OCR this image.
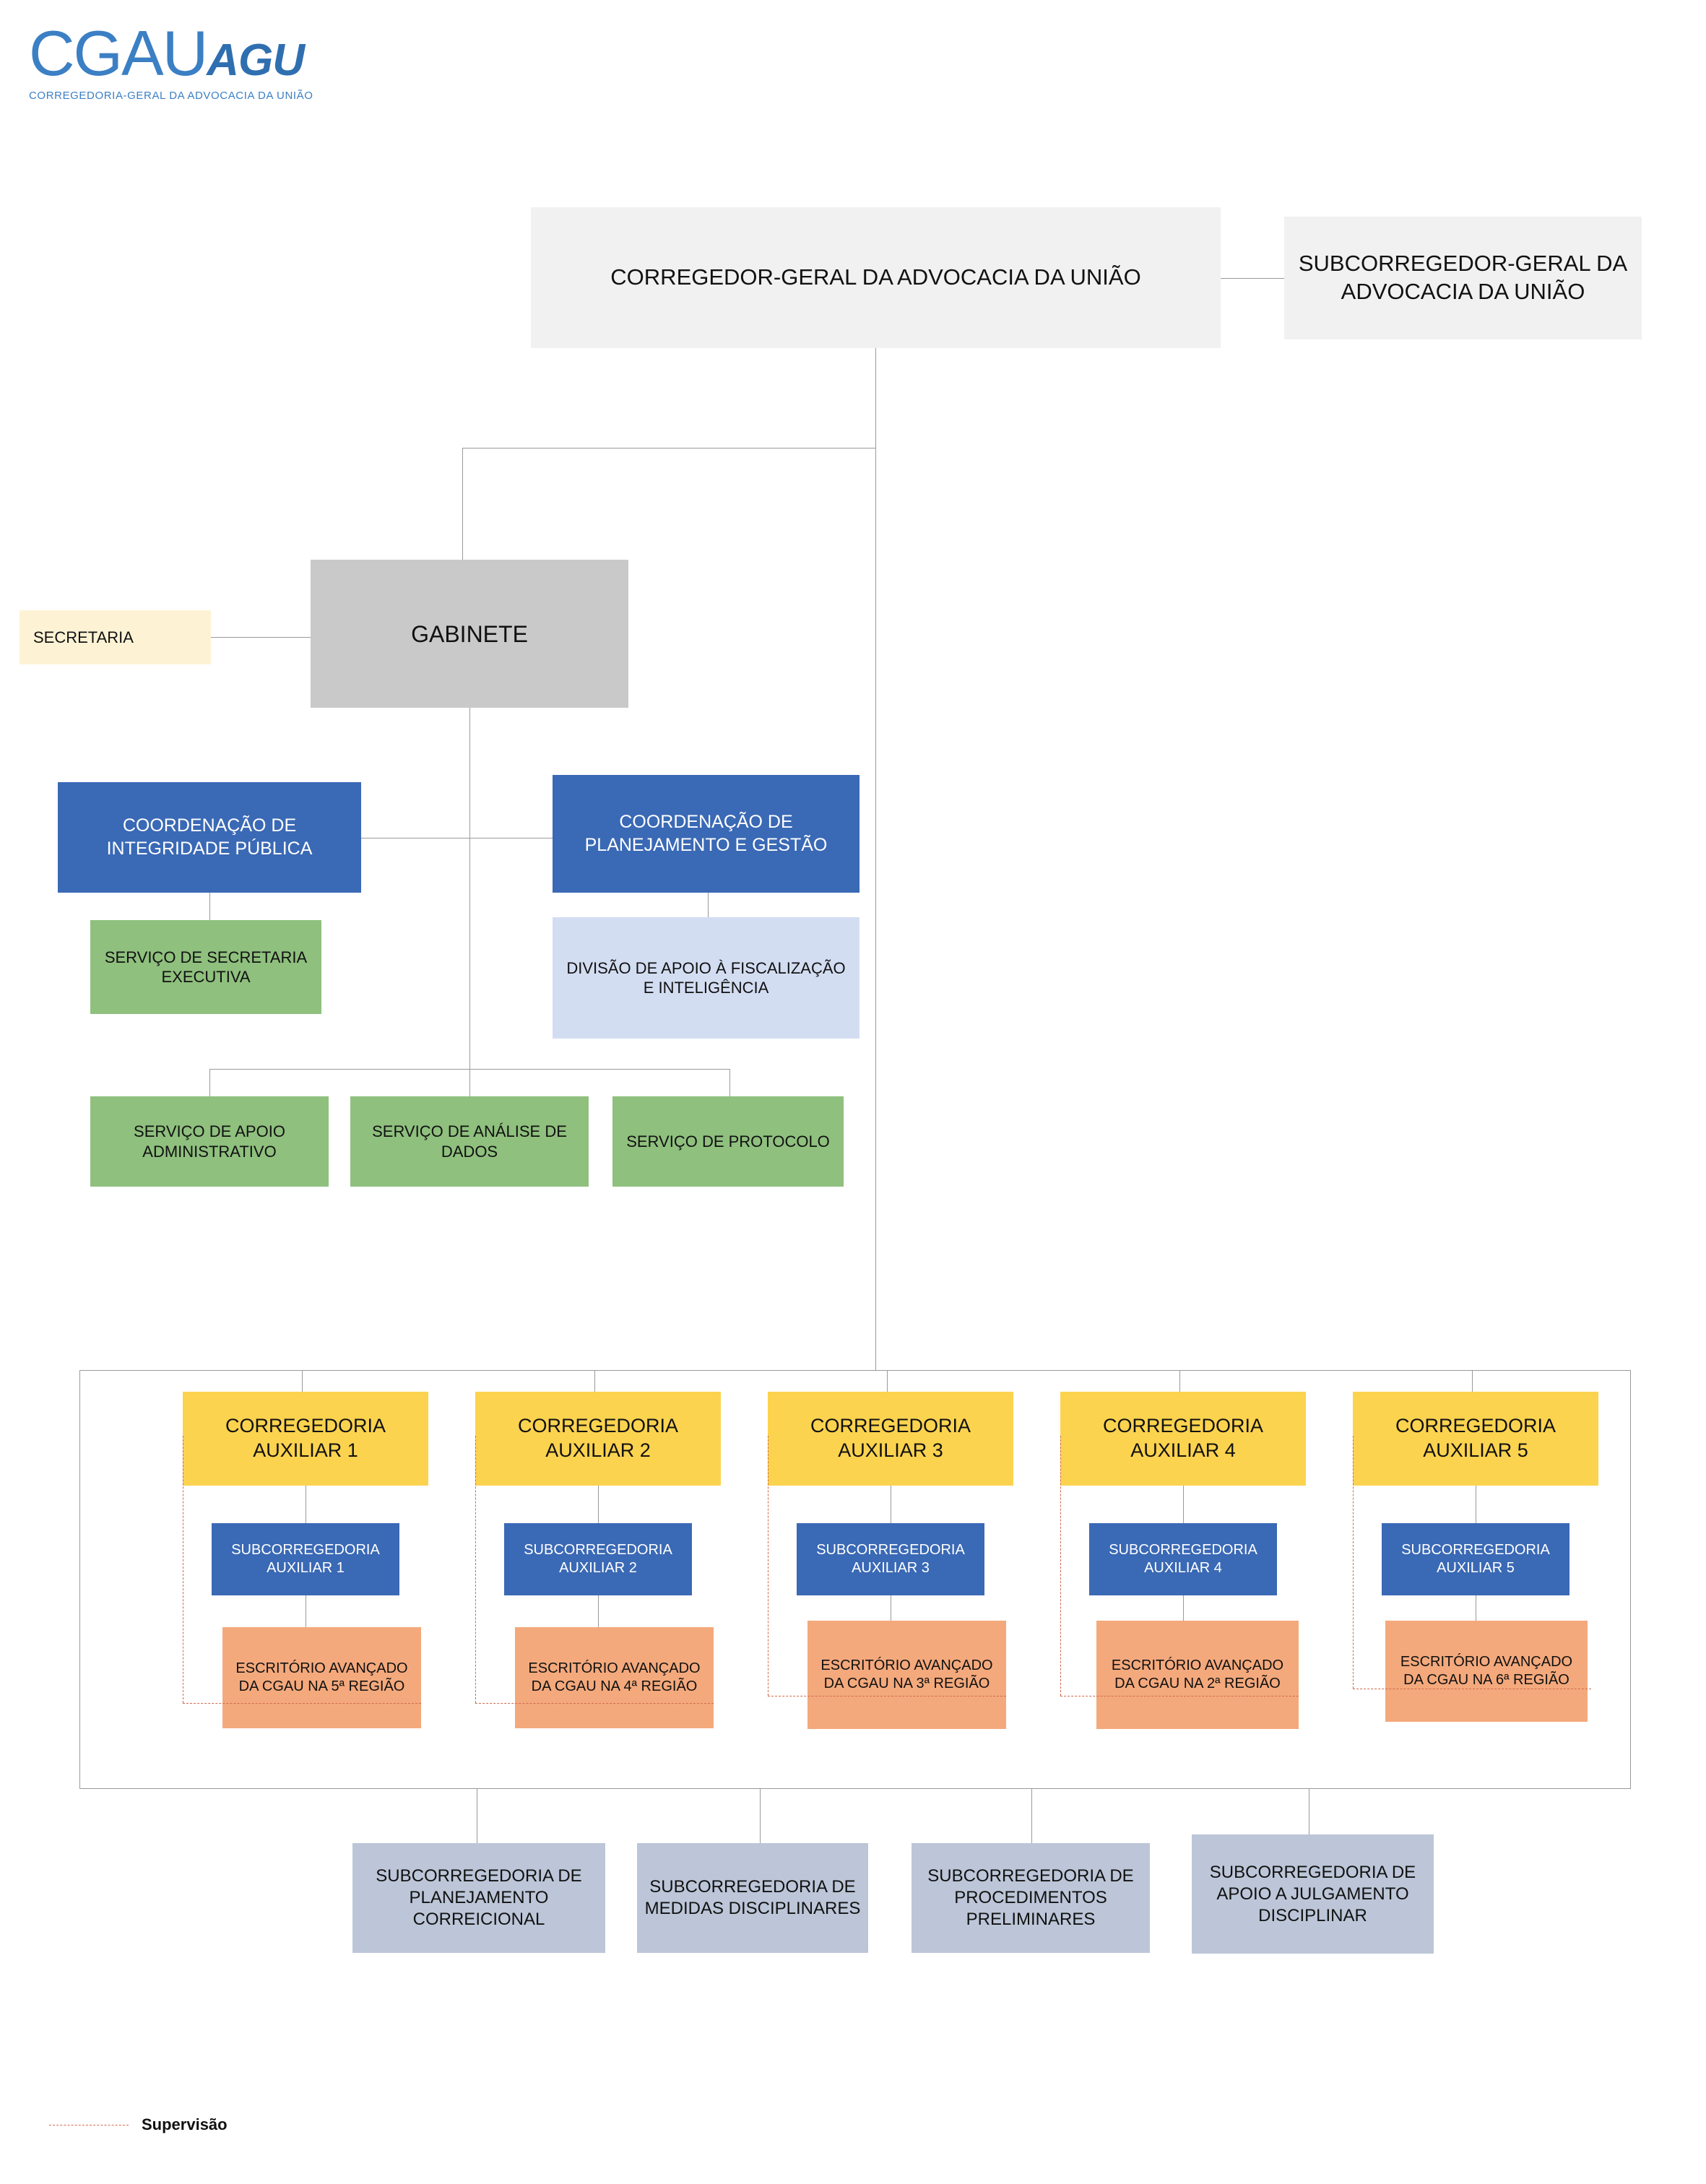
CGAUAGU
CORREGEDORIA-GERAL DA ADVOCACIA DA UNIÃO
CORREGEDOR-GERAL DA ADVOCACIA DA UNIÃO
SUBCORREGEDOR-GERAL DA ADVOCACIA DA UNIÃO
GABINETE
SECRETARIA
COORDENAÇÃO DE INTEGRIDADE PÚBLICA
COORDENAÇÃO DE PLANEJAMENTO E GESTÃO
SERVIÇO DE SECRETARIA EXECUTIVA	DIVISÃO DE APOIO À FISCALIZAÇÃO E INTELIGÊNCIA
SERVIÇO DE APOIO ADMINISTRATIVO
SERVIÇO DE ANÁLISE DE DADOS
SERVIÇO DE PROTOCOLO
CORREGEDORIA AUXILIAR 1
SUBCORREGEDORIA AUXILIAR 1
ESCRITÓRIO AVANÇADO DA CGAU NA 5ª REGIÃO
CORREGEDORIA AUXILIAR 2
SUBCORREGEDORIA AUXILIAR 2
ESCRITÓRIO AVANÇADO DA CGAU NA 4ª REGIÃO
CORREGEDORIA AUXILIAR 3
SUBCORREGEDORIA AUXILIAR 3
ESCRITÓRIO AVANÇADO DA CGAU NA 3ª REGIÃO
CORREGEDORIA AUXILIAR 4
SUBCORREGEDORIA AUXILIAR 4
ESCRITÓRIO AVANÇADO DA CGAU NA 2ª REGIÃO
CORREGEDORIA AUXILIAR 5
SUBCORREGEDORIA AUXILIAR 5
ESCRITÓRIO AVANÇADO DA CGAU NA 6ª REGIÃO
SUBCORREGEDORIA DE PLANEJAMENTO CORREICIONAL
SUBCORREGEDORIA DE MEDIDAS DISCIPLINARES
SUBCORREGEDORIA DE PROCEDIMENTOS PRELIMINARES
SUBCORREGEDORIA DE APOIO A JULGAMENTO DISCIPLINAR
Supervisão
